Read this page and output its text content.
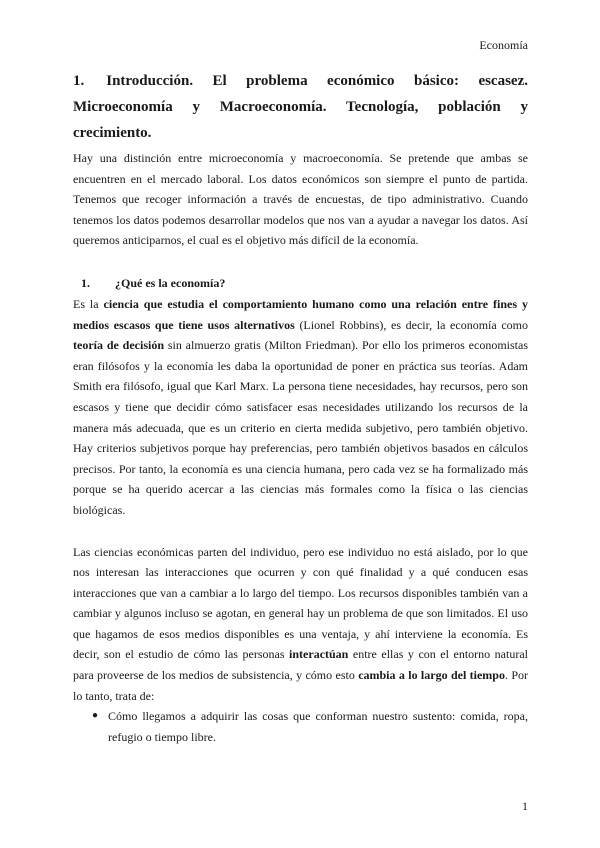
Economía
1. Introducción. El problema económico básico: escasez. Microeconomía y Macroeconomía. Tecnología, población y crecimiento.

Hay una distinción entre microeconomía y macroeconomía. Se pretende que ambas se encuentren en el mercado laboral. Los datos económicos son siempre el punto de partida. Tenemos que recoger información a través de encuestas, de tipo administrativo. Cuando tenemos los datos podemos desarrollar modelos que nos van a ayudar a navegar los datos. Así queremos anticiparnos, el cual es el objetivo más difícil de la economía.

1. ¿Qué es la economía?

Es la ciencia que estudia el comportamiento humano como una relación entre fines y medios escasos que tiene usos alternativos (Lionel Robbins), es decir, la economía como teoría de decisión sin almuerzo gratis (Milton Friedman). Por ello los primeros economistas eran filósofos y la economía les daba la oportunidad de poner en práctica sus teorías. Adam Smith era filósofo, igual que Karl Marx. La persona tiene necesidades, hay recursos, pero son escasos y tiene que decidir cómo satisfacer esas necesidades utilizando los recursos de la manera más adecuada, que es un criterio en cierta medida subjetivo, pero también objetivo. Hay criterios subjetivos porque hay preferencias, pero también objetivos basados en cálculos precisos. Por tanto, la economía es una ciencia humana, pero cada vez se ha formalizado más porque se ha querido acercar a las ciencias más formales como la física o las ciencias biológicas.

Las ciencias económicas parten del individuo, pero ese individuo no está aislado, por lo que nos interesan las interacciones que ocurren y con qué finalidad y a qué conducen esas interacciones que van a cambiar a lo largo del tiempo. Los recursos disponibles también van a cambiar y algunos incluso se agotan, en general hay un problema de que son limitados. El uso que hagamos de esos medios disponibles es una ventaja, y ahí interviene la economía. Es decir, son el estudio de cómo las personas interactúan entre ellas y con el entorno natural para proveerse de los medios de subsistencia, y cómo esto cambia a lo largo del tiempo. Por lo tanto, trata de:

● Cómo llegamos a adquirir las cosas que conforman nuestro sustento: comida, ropa, refugio o tiempo libre.
1
